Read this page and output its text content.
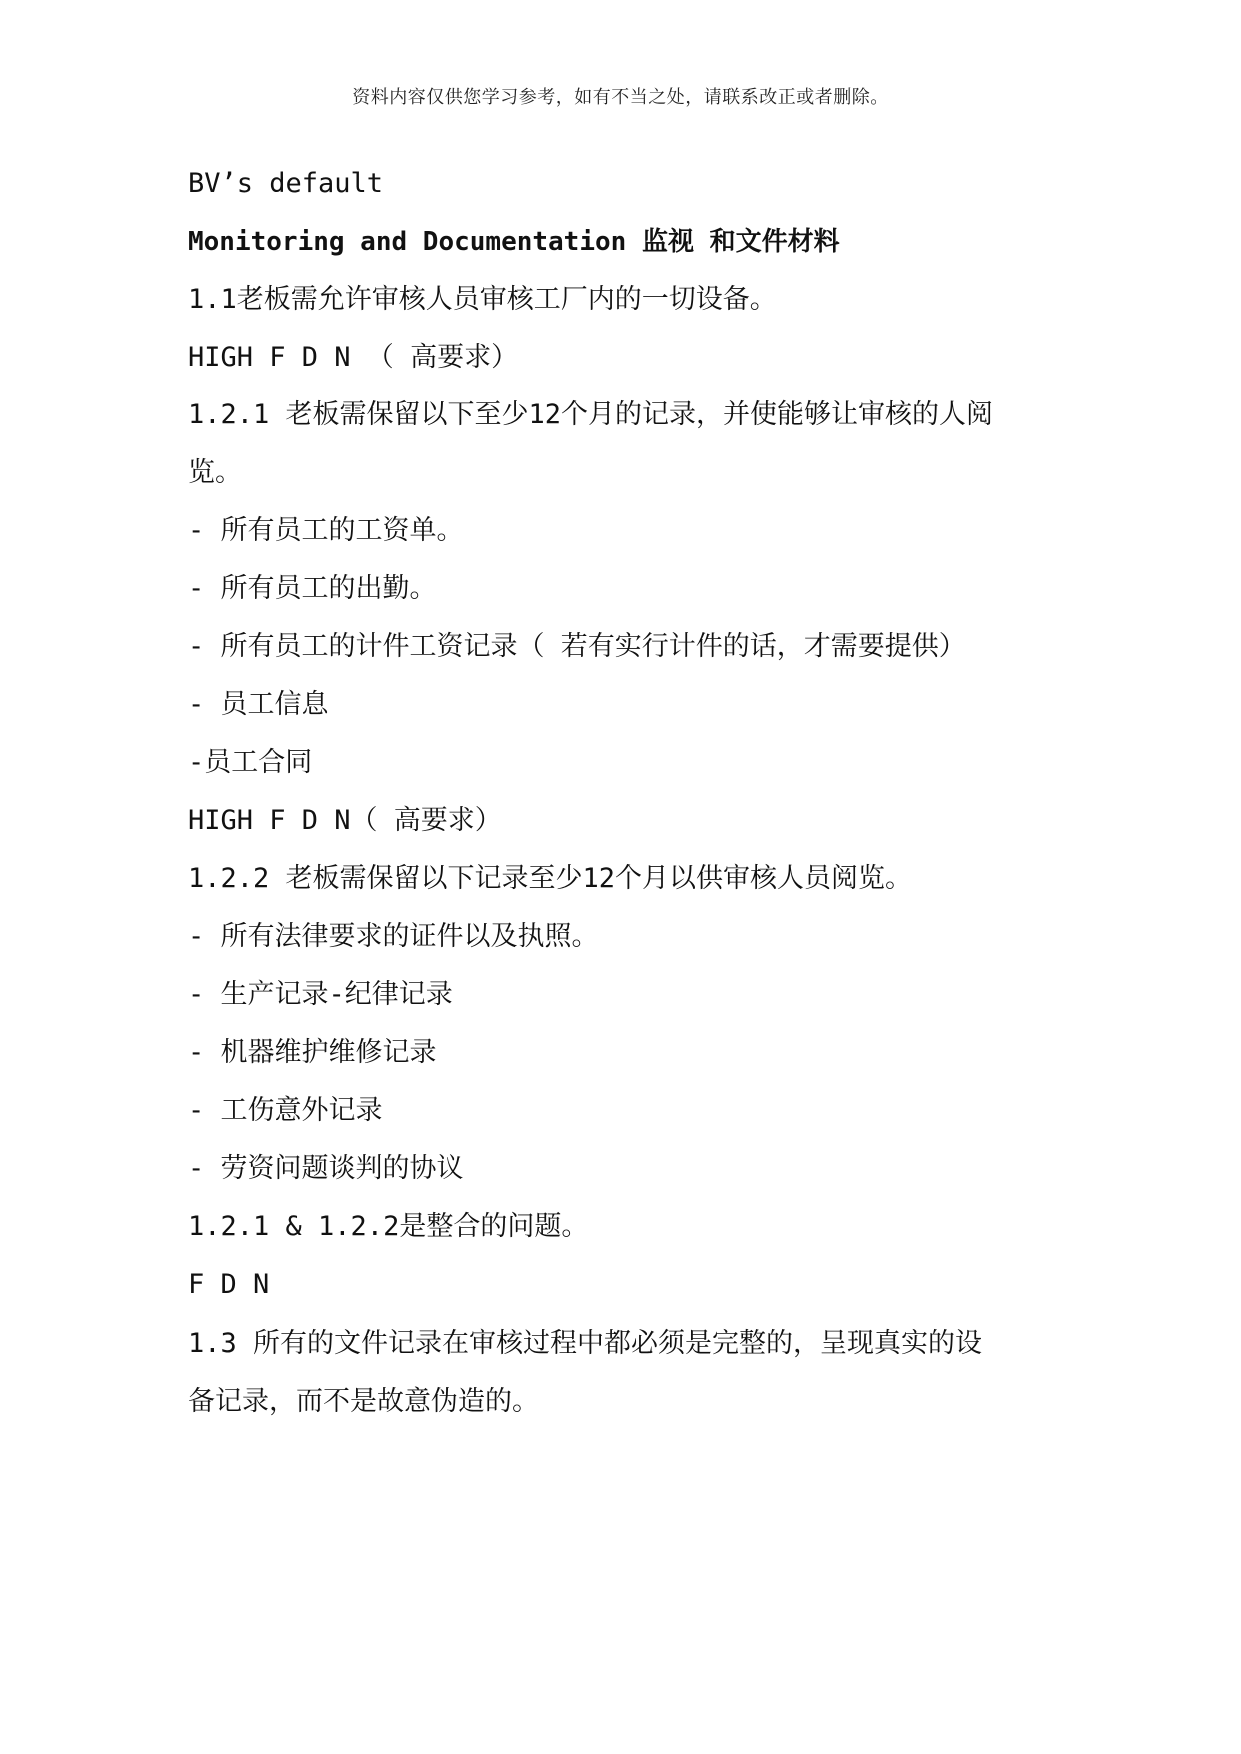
资料内容仅供您学习参考，如有不当之处，请联系改正或者删除。
BV’s default
Monitoring and Documentation 监视 和文件材料
1.1老板需允许审核人员审核工厂内的一切设备。
HIGH F D N （ 高要求）
1.2.1 老板需保留以下至少12个月的记录，并使能够让审核的人阅
览。
- 所有员工的工资单。
- 所有员工的出勤。
- 所有员工的计件工资记录（ 若有实行计件的话，才需要提供）
- 员工信息
-员工合同
HIGH F D N（ 高要求）
1.2.2 老板需保留以下记录至少12个月以供审核人员阅览。
- 所有法律要求的证件以及执照。
- 生产记录-纪律记录
- 机器维护维修记录
- 工伤意外记录
- 劳资问题谈判的协议
1.2.1 & 1.2.2是整合的问题。
F D N
1.3 所有的文件记录在审核过程中都必须是完整的，呈现真实的设
备记录，而不是故意伪造的。
